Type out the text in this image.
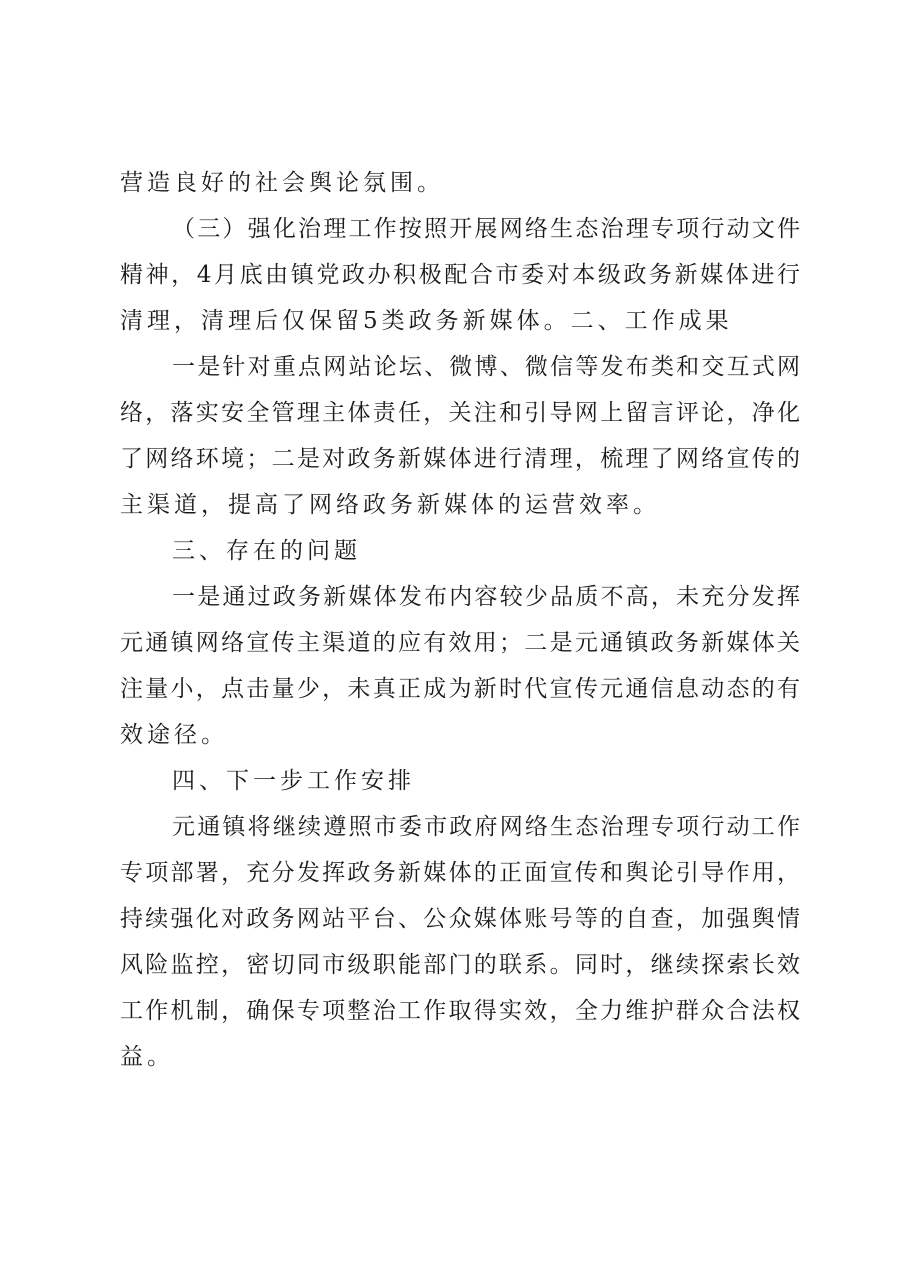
营造良好的社会舆论氛围。
（三）强化治理工作按照开展网络生态治理专项行动文件
精神，4月底由镇党政办积极配合市委对本级政务新媒体进行
清理，清理后仅保留5类政务新媒体。二、工作成果
一是针对重点网站论坛、微博、微信等发布类和交互式网
络，落实安全管理主体责任，关注和引导网上留言评论，净化
了网络环境；二是对政务新媒体进行清理，梳理了网络宣传的
主渠道，提高了网络政务新媒体的运营效率。
三、存在的问题
一是通过政务新媒体发布内容较少品质不高，未充分发挥
元通镇网络宣传主渠道的应有效用；二是元通镇政务新媒体关
注量小，点击量少，未真正成为新时代宣传元通信息动态的有
效途径。
四、下一步工作安排
元通镇将继续遵照市委市政府网络生态治理专项行动工作
专项部署，充分发挥政务新媒体的正面宣传和舆论引导作用，
持续强化对政务网站平台、公众媒体账号等的自查，加强舆情
风险监控，密切同市级职能部门的联系。同时，继续探索长效
工作机制，确保专项整治工作取得实效，全力维护群众合法权
益。
